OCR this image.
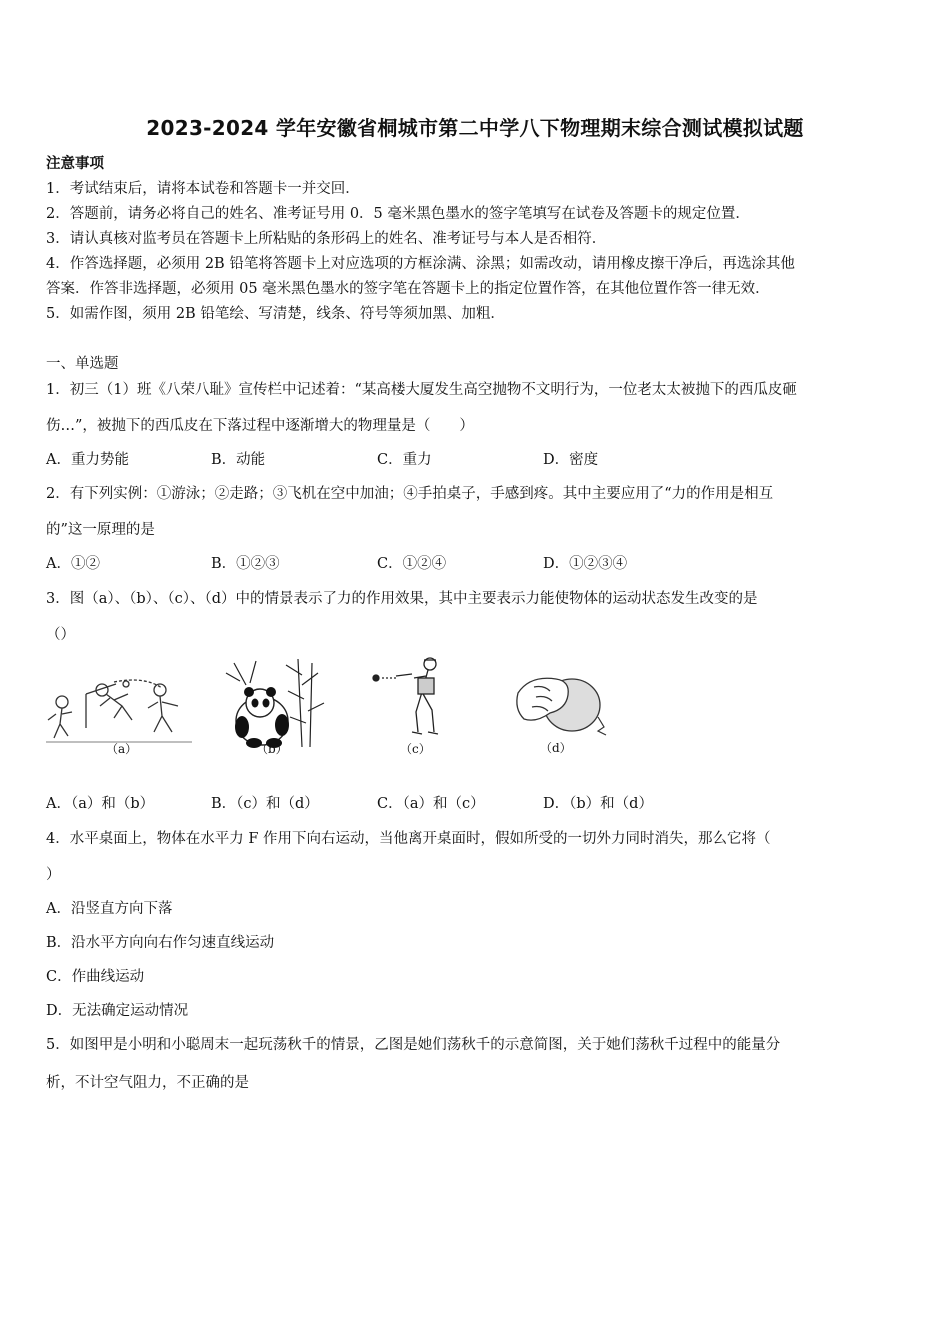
2023-2024 学年安徽省桐城市第二中学八下物理期末综合测试模拟试题
注意事项
1．考试结束后，请将本试卷和答题卡一并交回．
2．答题前，请务必将自己的姓名、准考证号用 0．5 毫米黑色墨水的签字笔填写在试卷及答题卡的规定位置．
3．请认真核对监考员在答题卡上所粘贴的条形码上的姓名、准考证号与本人是否相符．
4．作答选择题，必须用 2B 铅笔将答题卡上对应选项的方框涂满、涂黑；如需改动，请用橡皮擦干净后，再选涂其他
答案．作答非选择题，必须用 05 毫米黑色墨水的签字笔在答题卡上的指定位置作答，在其他位置作答一律无效．
5．如需作图，须用 2B 铅笔绘、写清楚，线条、符号等须加黑、加粗．
一、单选题
1．初三（1）班《八荣八耻》宣传栏中记述着：“某高楼大厦发生高空抛物不文明行为，一位老太太被抛下的西瓜皮砸
伤…”，被抛下的西瓜皮在下落过程中逐渐增大的物理量是（　　）
A．重力势能	B．动能	C．重力	D．密度
2．有下列实例：①游泳；②走路；③飞机在空中加油；④手拍桌子，手感到疼。其中主要应用了“力的作用是相互
的”这一原理的是
A．①②	B．①②③	C．①②④	D．①②③④
3．图（a）、（b）、（c）、（d）中的情景表示了力的作用效果，其中主要表示力能使物体的运动状态发生改变的是
（）
（a）	（b）	（c）	（d）
A．（a）和（b）	B．（c）和（d）	C．（a）和（c）	D．（b）和（d）
4．水平桌面上，物体在水平力 F 作用下向右运动，当他离开桌面时，假如所受的一切外力同时消失，那么它将（
）
A．沿竖直方向下落
B．沿水平方向向右作匀速直线运动
C．作曲线运动
D．无法确定运动情况
5．如图甲是小明和小聪周末一起玩荡秋千的情景，乙图是她们荡秋千的示意简图，关于她们荡秋千过程中的能量分
析，不计空气阻力，不正确的是
